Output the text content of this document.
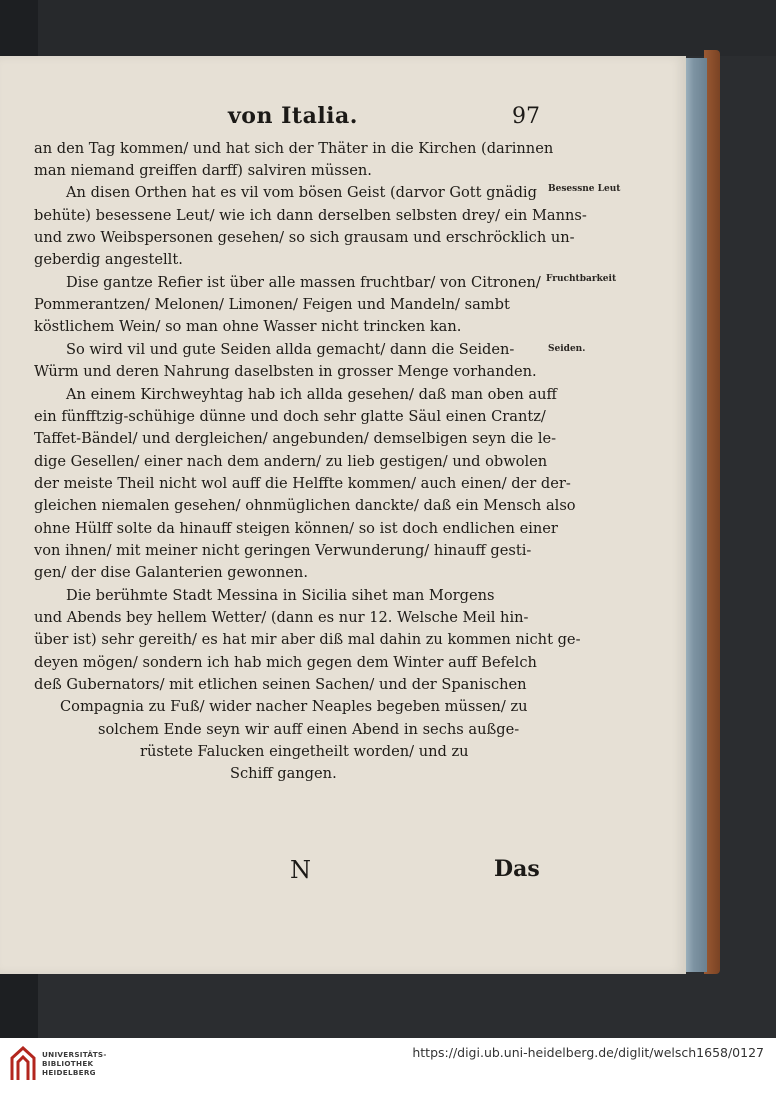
von Italia.	97
an den Tag kommen/ und hat sich der Thäter in die Kirchen (darinnen
man niemand greiffen darff) salviren müssen.
An disen Orthen hat es vil vom bösen Geist (darvor Gott gnädig
behüte) besessene Leut/ wie ich dann derselben selbsten drey/ ein Manns-
und zwo Weibspersonen gesehen/ so sich grausam und erschröcklich un-
geberdig angestellt.
Dise gantze Refier ist über alle massen fruchtbar/ von Citronen/
Pommerantzen/ Melonen/ Limonen/ Feigen und Mandeln/ sambt
köstlichem Wein/ so man ohne Wasser nicht trincken kan.
So wird vil und gute Seiden allda gemacht/ dann die Seiden-
Würm und deren Nahrung daselbsten in grosser Menge vorhanden.
An einem Kirchweyhtag hab ich allda gesehen/ daß man oben auff
ein fünfftzig-schühige dünne und doch sehr glatte Säul einen Crantz/
Taffet-Bändel/ und dergleichen/ angebunden/ demselbigen seyn die le-
dige Gesellen/ einer nach dem andern/ zu lieb gestigen/ und obwolen
der meiste Theil nicht wol auff die Helffte kommen/ auch einen/ der der-
gleichen niemalen gesehen/ ohnmüglichen danckte/ daß ein Mensch also
ohne Hülff solte da hinauff steigen können/ so ist doch endlichen einer
von ihnen/ mit meiner nicht geringen Verwunderung/ hinauff gesti-
gen/ der dise Galanterien gewonnen.
Die berühmte Stadt Messina in Sicilia sihet man Morgens
und Abends bey hellem Wetter/ (dann es nur 12. Welsche Meil hin-
über ist) sehr gereith/ es hat mir aber diß mal dahin zu kommen nicht ge-
deyen mögen/ sondern ich hab mich gegen dem Winter auff Befelch
deß Gubernators/ mit etlichen seinen Sachen/ und der Spanischen
Compagnia zu Fuß/ wider nacher Neaples begeben müssen/ zu
solchem Ende seyn wir auff einen Abend in sechs außge-
rüstete Falucken eingetheilt worden/ und zu
Schiff gangen.
Besessne Leut
Fruchtbarkeit
Seiden.
N	Das
UNIVERSITÄTS-
BIBLIOTHEK
HEIDELBERG
https://digi.ub.uni-heidelberg.de/diglit/welsch1658/0127
